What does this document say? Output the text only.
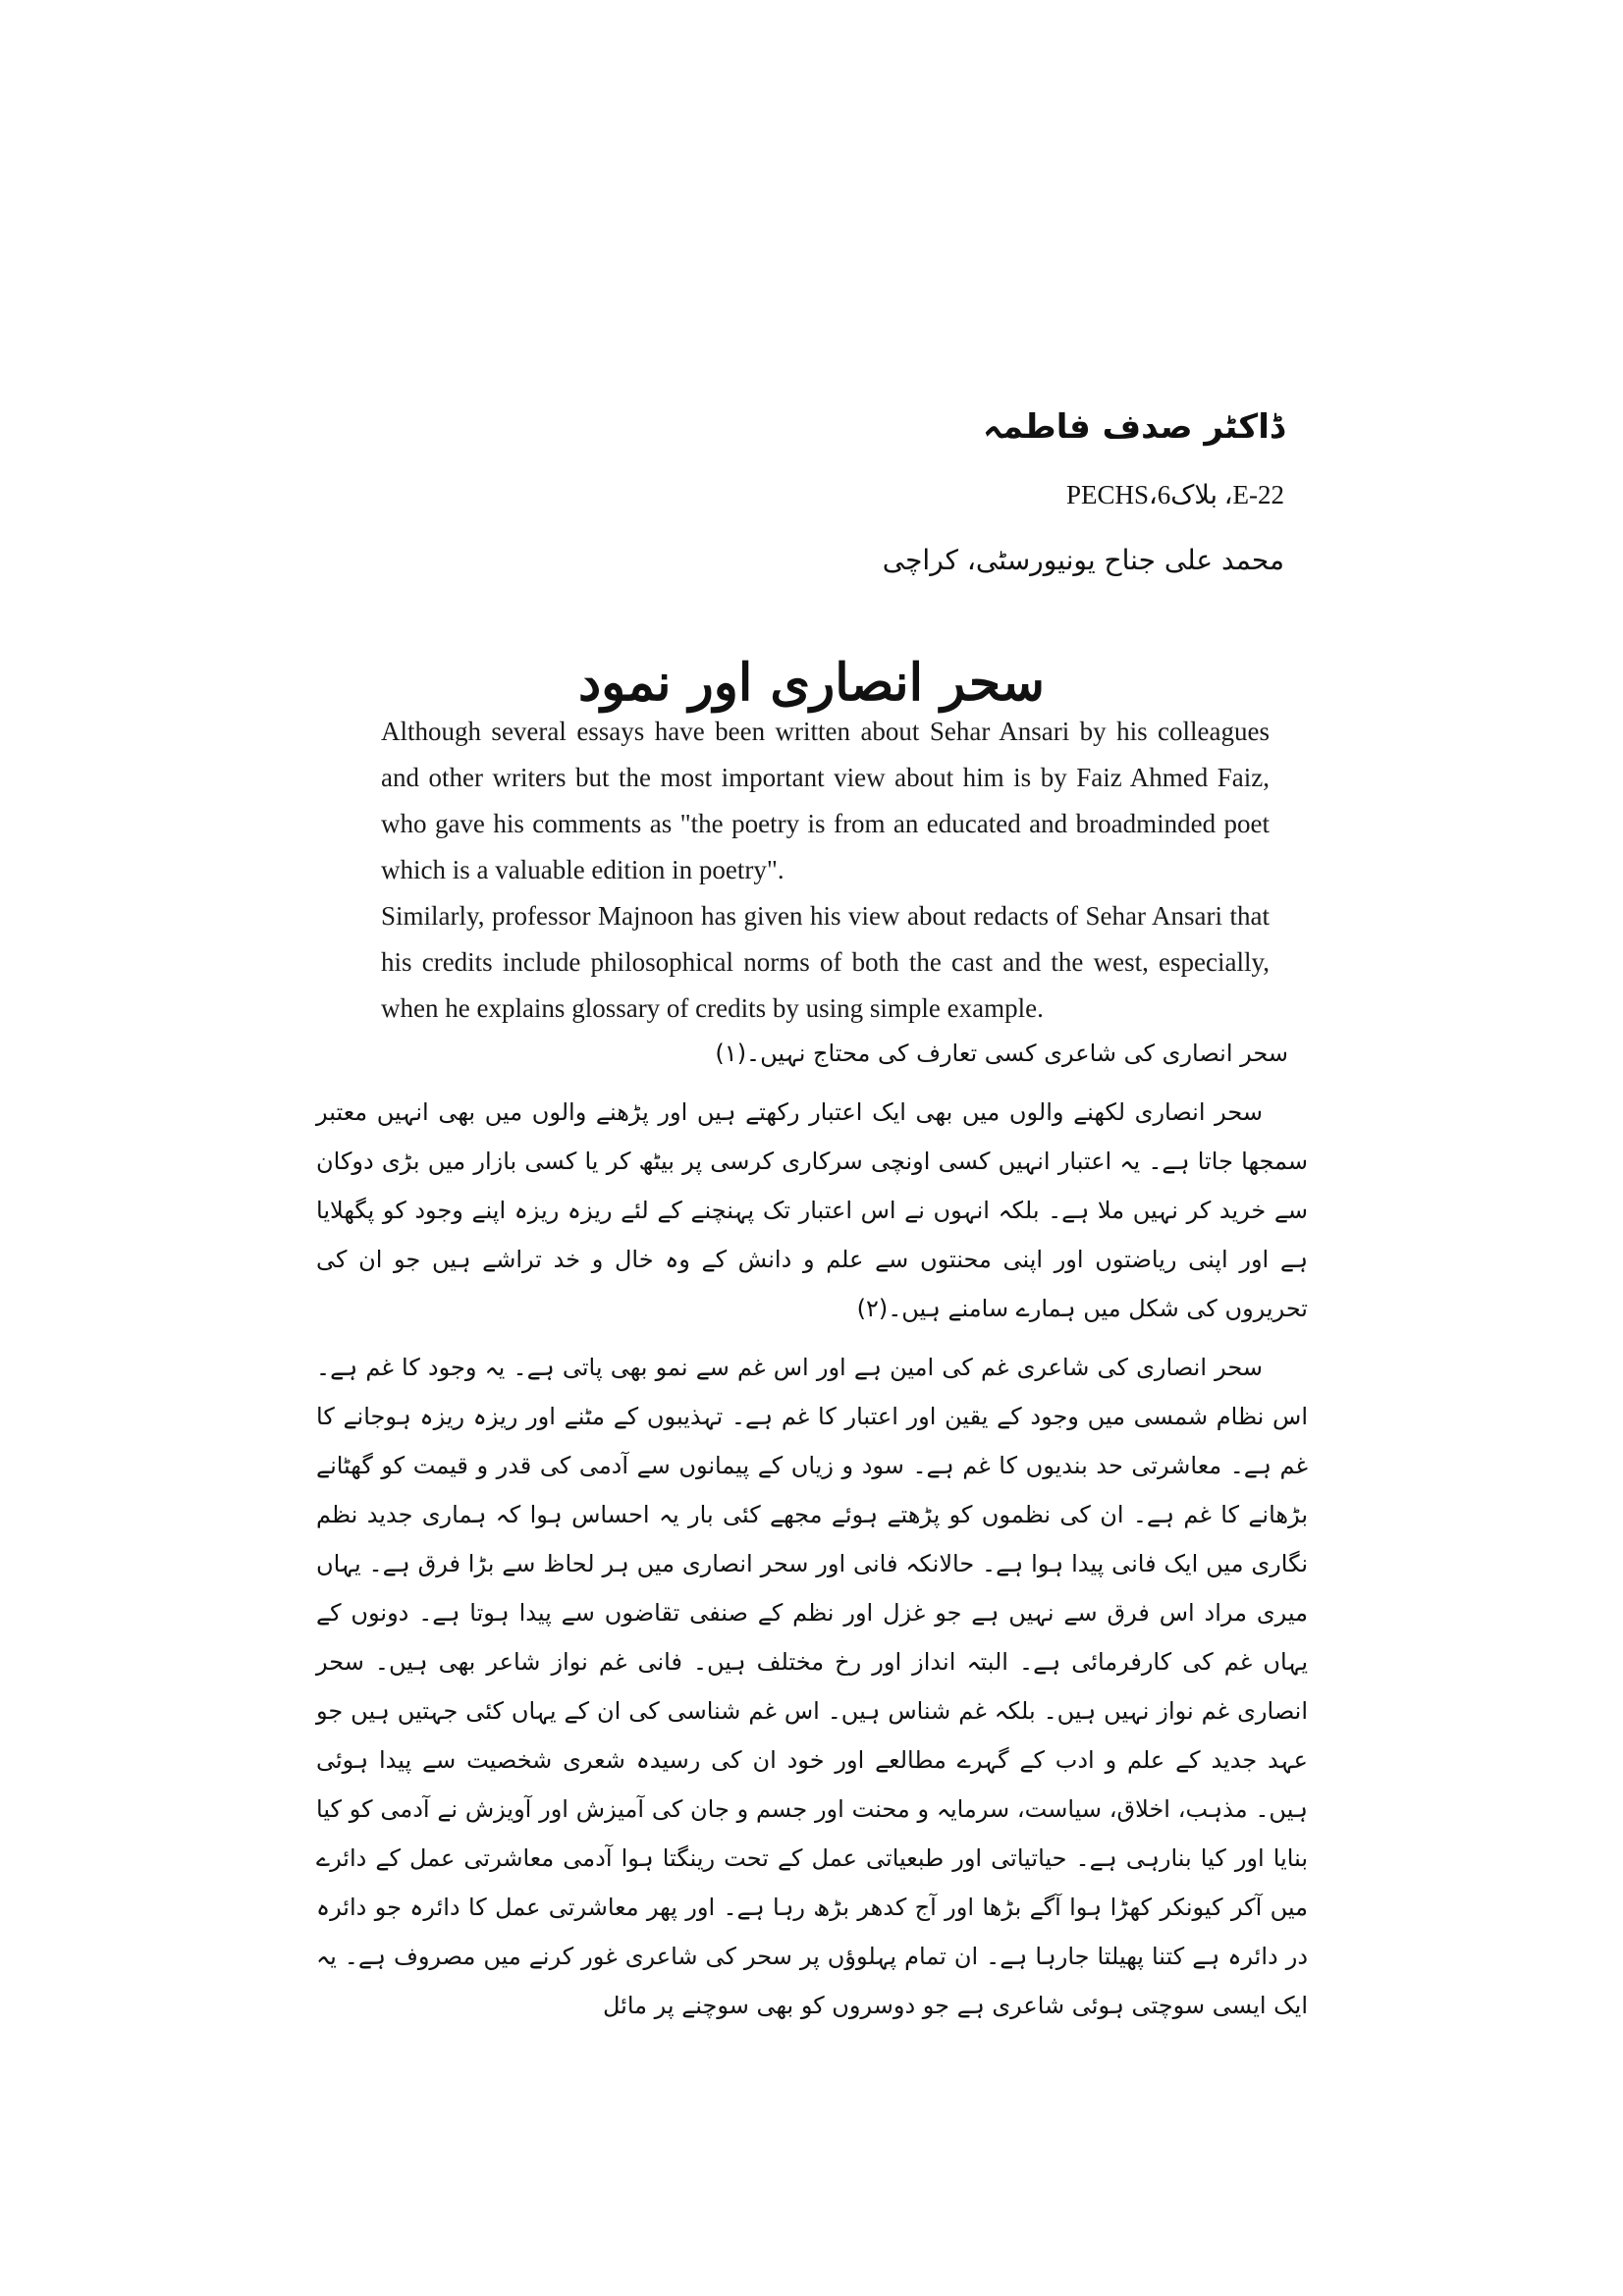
ڈاکٹر صدف فاطمہ

22-E، بلاک6،PECHS

محمد علی جناح یونیورسٹی، کراچی

سحر انصاری اور نمود

Although several essays have been written about Sehar Ansari by his colleagues and other writers but the most important view about him is by Faiz Ahmed Faiz, who gave his comments as "the poetry is from an educated and broadminded poet which is a valuable edition in poetry".

Similarly, professor Majnoon has given his view about redacts of Sehar Ansari that his credits include philosophical norms of both the cast and the west, especially, when he explains glossary of credits by using simple example.

سحر انصاری کی شاعری کسی تعارف کی محتاج نہیں۔(۱)

سحر انصاری لکھنے والوں میں بھی ایک اعتبار رکھتے ہیں اور پڑھنے والوں میں بھی انہیں معتبر سمجھا جاتا ہے۔ یہ اعتبار انہیں کسی اونچی سرکاری کرسی پر بیٹھ کر یا کسی بازار میں بڑی دوکان سے خرید کر نہیں ملا ہے۔ بلکہ انہوں نے اس اعتبار تک پہنچنے کے لئے ریزہ ریزہ اپنے وجود کو پگھلایا ہے اور اپنی ریاضتوں اور اپنی محنتوں سے علم و دانش کے وہ خال و خد تراشے ہیں جو ان کی تحریروں کی شکل میں ہمارے سامنے ہیں۔(۲)

سحر انصاری کی شاعری غم کی امین ہے اور اس غم سے نمو بھی پاتی ہے۔ یہ وجود کا غم ہے۔ اس نظام شمسی میں وجود کے یقین اور اعتبار کا غم ہے۔ تہذیبوں کے مٹنے اور ریزہ ریزہ ہوجانے کا غم ہے۔ معاشرتی حد بندیوں کا غم ہے۔ سود و زیاں کے پیمانوں سے آدمی کی قدر و قیمت کو گھٹانے بڑھانے کا غم ہے۔ ان کی نظموں کو پڑھتے ہوئے مجھے کئی بار یہ احساس ہوا کہ ہماری جدید نظم نگاری میں ایک فانی پیدا ہوا ہے۔ حالانکہ فانی اور سحر انصاری میں ہر لحاظ سے بڑا فرق ہے۔ یہاں میری مراد اس فرق سے نہیں ہے جو غزل اور نظم کے صنفی تقاضوں سے پیدا ہوتا ہے۔ دونوں کے یہاں غم کی کارفرمائی ہے۔ البتہ انداز اور رخ مختلف ہیں۔ فانی غم نواز شاعر بھی ہیں۔ سحر انصاری غم نواز نہیں ہیں۔ بلکہ غم شناس ہیں۔ اس غم شناسی کی ان کے یہاں کئی جہتیں ہیں جو عہد جدید کے علم و ادب کے گہرے مطالعے اور خود ان کی رسیدہ شعری شخصیت سے پیدا ہوئی ہیں۔ مذہب، اخلاق، سیاست، سرمایہ و محنت اور جسم و جان کی آمیزش اور آویزش نے آدمی کو کیا بنایا اور کیا بنارہی ہے۔ حیاتیاتی اور طبعیاتی عمل کے تحت رینگتا ہوا آدمی معاشرتی عمل کے دائرے میں آکر کیونکر کھڑا ہوا آگے بڑھا اور آج کدھر بڑھ رہا ہے۔ اور پھر معاشرتی عمل کا دائرہ جو دائرہ در دائرہ ہے کتنا پھیلتا جارہا ہے۔ ان تمام پہلوؤں پر سحر کی شاعری غور کرنے میں مصروف ہے۔ یہ ایک ایسی سوچتی ہوئی شاعری ہے جو دوسروں کو بھی سوچنے پر مائل
